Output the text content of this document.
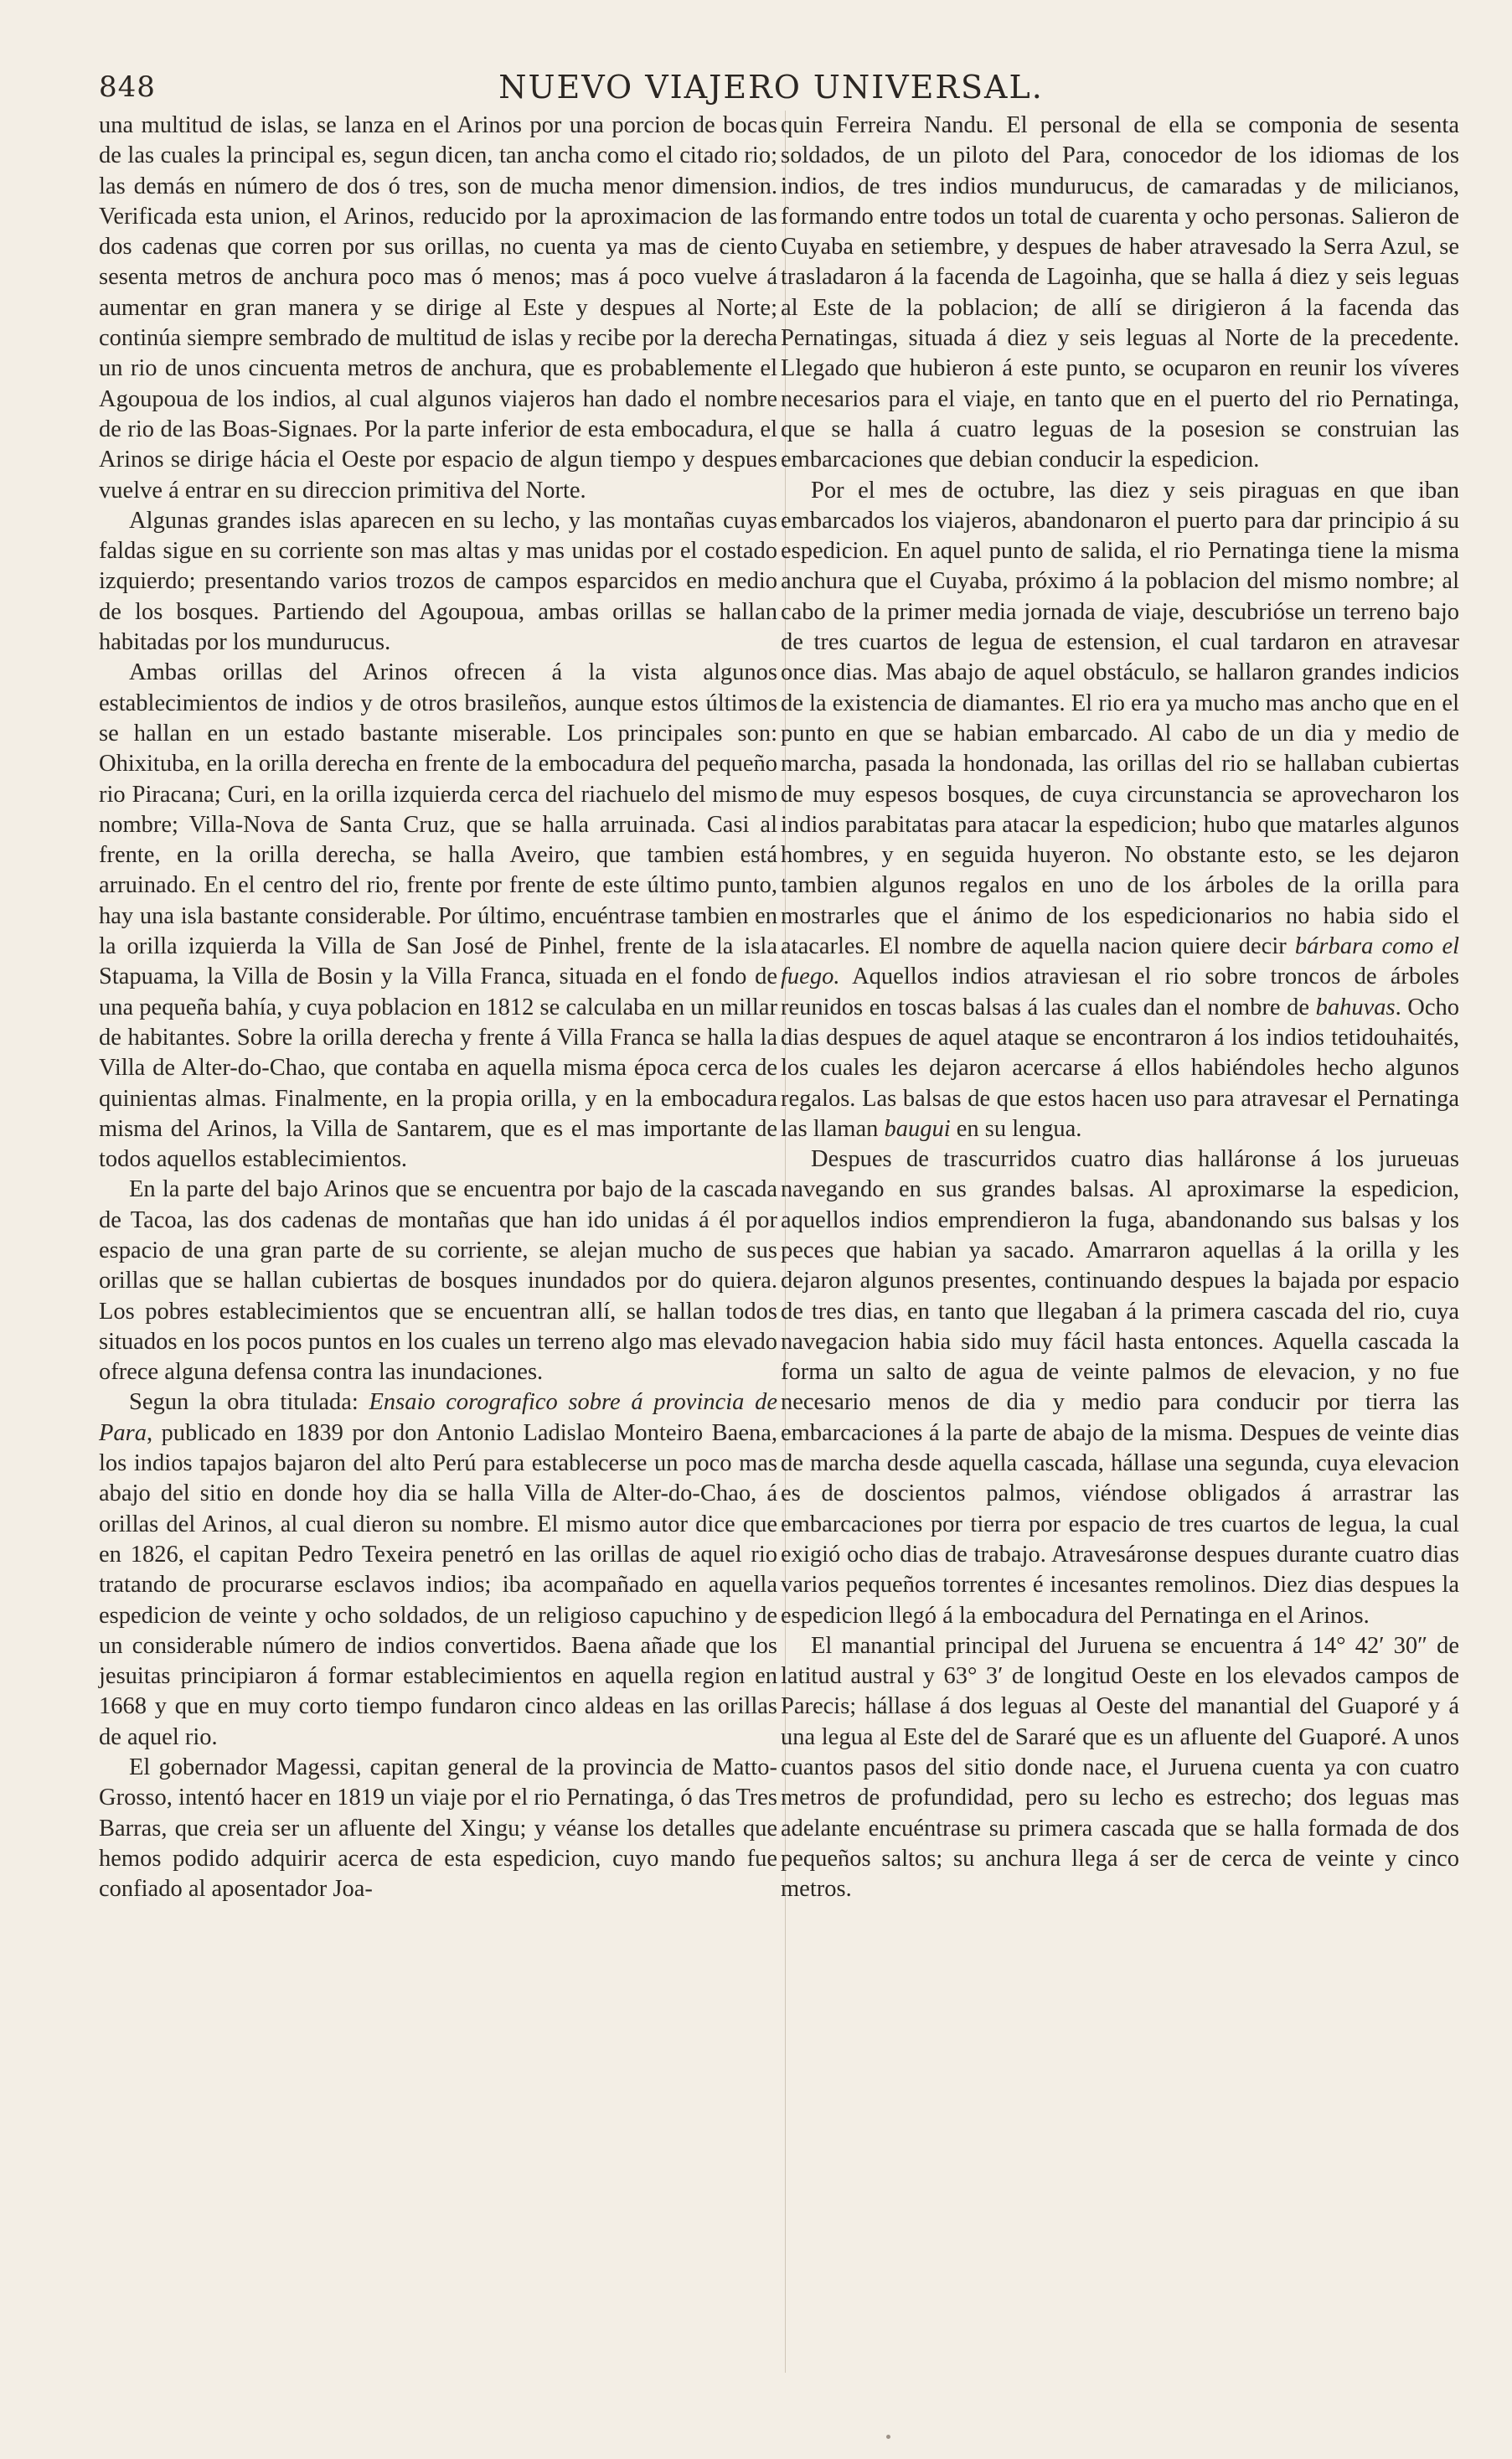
848	NUEVO VIAJERO UNIVERSAL.

una multitud de islas, se lanza en el Arinos por una porcion de bocas de las cuales la principal es, segun dicen, tan ancha como el citado rio; las demás en número de dos ó tres, son de mucha menor dimension. Verificada esta union, el Arinos, reducido por la aproximacion de las dos cadenas que corren por sus orillas, no cuenta ya mas de ciento sesenta metros de anchura poco mas ó menos; mas á poco vuelve á aumentar en gran manera y se dirige al Este y despues al Norte; continúa siempre sembrado de multitud de islas y recibe por la derecha un rio de unos cincuenta metros de anchura, que es probablemente el Agoupoua de los indios, al cual algunos viajeros han dado el nombre de rio de las Boas-Signaes. Por la parte inferior de esta embocadura, el Arinos se dirige hácia el Oeste por espacio de algun tiempo y despues vuelve á entrar en su direccion primitiva del Norte.

Algunas grandes islas aparecen en su lecho, y las montañas cuyas faldas sigue en su corriente son mas altas y mas unidas por el costado izquierdo; presentando varios trozos de campos esparcidos en medio de los bosques. Partiendo del Agoupoua, ambas orillas se hallan habitadas por los mundurucus.

Ambas orillas del Arinos ofrecen á la vista algunos establecimientos de indios y de otros brasileños, aunque estos últimos se hallan en un estado bastante miserable. Los principales son: Ohixituba, en la orilla derecha en frente de la embocadura del pequeño rio Piracana; Curi, en la orilla izquierda cerca del riachuelo del mismo nombre; Villa-Nova de Santa Cruz, que se halla arruinada. Casi al frente, en la orilla derecha, se halla Aveiro, que tambien está arruinado. En el centro del rio, frente por frente de este último punto, hay una isla bastante considerable. Por último, encuéntrase tambien en la orilla izquierda la Villa de San José de Pinhel, frente de la isla Stapuama, la Villa de Bosin y la Villa Franca, situada en el fondo de una pequeña bahía, y cuya poblacion en 1812 se calculaba en un millar de habitantes. Sobre la orilla derecha y frente á Villa Franca se halla la Villa de Alter-do-Chao, que contaba en aquella misma época cerca de quinientas almas. Finalmente, en la propia orilla, y en la embocadura misma del Arinos, la Villa de Santarem, que es el mas importante de todos aquellos establecimientos.

En la parte del bajo Arinos que se encuentra por bajo de la cascada de Tacoa, las dos cadenas de montañas que han ido unidas á él por espacio de una gran parte de su corriente, se alejan mucho de sus orillas que se hallan cubiertas de bosques inundados por do quiera. Los pobres establecimientos que se encuentran allí, se hallan todos situados en los pocos puntos en los cuales un terreno algo mas elevado ofrece alguna defensa contra las inundaciones.

Segun la obra titulada: Ensaio corografico sobre á provincia de Para, publicado en 1839 por don Antonio Ladislao Monteiro Baena, los indios tapajos bajaron del alto Perú para establecerse un poco mas abajo del sitio en donde hoy dia se halla Villa de Alter-do-Chao, á orillas del Arinos, al cual dieron su nombre. El mismo autor dice que en 1826, el capitan Pedro Texeira penetró en las orillas de aquel rio tratando de procurarse esclavos indios; iba acompañado en aquella espedicion de veinte y ocho soldados, de un religioso capuchino y de un considerable número de indios convertidos. Baena añade que los jesuitas principiaron á formar establecimientos en aquella region en 1668 y que en muy corto tiempo fundaron cinco aldeas en las orillas de aquel rio.

El gobernador Magessi, capitan general de la provincia de Matto-Grosso, intentó hacer en 1819 un viaje por el rio Pernatinga, ó das Tres Barras, que creia ser un afluente del Xingu; y véanse los detalles que hemos podido adquirir acerca de esta espedicion, cuyo mando fue confiado al aposentador Joa-

quin Ferreira Nandu. El personal de ella se componia de sesenta soldados, de un piloto del Para, conocedor de los idiomas de los indios, de tres indios mundurucus, de camaradas y de milicianos, formando entre todos un total de cuarenta y ocho personas. Salieron de Cuyaba en setiembre, y despues de haber atravesado la Serra Azul, se trasladaron á la facenda de Lagoinha, que se halla á diez y seis leguas al Este de la poblacion; de allí se dirigieron á la facenda das Pernatingas, situada á diez y seis leguas al Norte de la precedente. Llegado que hubieron á este punto, se ocuparon en reunir los víveres necesarios para el viaje, en tanto que en el puerto del rio Pernatinga, que se halla á cuatro leguas de la posesion se construian las embarcaciones que debian conducir la espedicion.

Por el mes de octubre, las diez y seis piraguas en que iban embarcados los viajeros, abandonaron el puerto para dar principio á su espedicion. En aquel punto de salida, el rio Pernatinga tiene la misma anchura que el Cuyaba, próximo á la poblacion del mismo nombre; al cabo de la primer media jornada de viaje, descubrióse un terreno bajo de tres cuartos de legua de estension, el cual tardaron en atravesar once dias. Mas abajo de aquel obstáculo, se hallaron grandes indicios de la existencia de diamantes. El rio era ya mucho mas ancho que en el punto en que se habian embarcado. Al cabo de un dia y medio de marcha, pasada la hondonada, las orillas del rio se hallaban cubiertas de muy espesos bosques, de cuya circunstancia se aprovecharon los indios parabitatas para atacar la espedicion; hubo que matarles algunos hombres, y en seguida huyeron. No obstante esto, se les dejaron tambien algunos regalos en uno de los árboles de la orilla para mostrarles que el ánimo de los espedicionarios no habia sido el atacarles. El nombre de aquella nacion quiere decir bárbara como el fuego. Aquellos indios atraviesan el rio sobre troncos de árboles reunidos en toscas balsas á las cuales dan el nombre de bahuvas. Ocho dias despues de aquel ataque se encontraron á los indios tetidouhaités, los cuales les dejaron acercarse á ellos habiéndoles hecho algunos regalos. Las balsas de que estos hacen uso para atravesar el Pernatinga las llaman baugui en su lengua.

Despues de trascurridos cuatro dias halláronse á los jurueuas navegando en sus grandes balsas. Al aproximarse la espedicion, aquellos indios emprendieron la fuga, abandonando sus balsas y los peces que habian ya sacado. Amarraron aquellas á la orilla y les dejaron algunos presentes, continuando despues la bajada por espacio de tres dias, en tanto que llegaban á la primera cascada del rio, cuya navegacion habia sido muy fácil hasta entonces. Aquella cascada la forma un salto de agua de veinte palmos de elevacion, y no fue necesario menos de dia y medio para conducir por tierra las embarcaciones á la parte de abajo de la misma. Despues de veinte dias de marcha desde aquella cascada, hállase una segunda, cuya elevacion es de doscientos palmos, viéndose obligados á arrastrar las embarcaciones por tierra por espacio de tres cuartos de legua, la cual exigió ocho dias de trabajo. Atravesáronse despues durante cuatro dias varios pequeños torrentes é incesantes remolinos. Diez dias despues la espedicion llegó á la embocadura del Pernatinga en el Arinos.

El manantial principal del Juruena se encuentra á 14° 42′ 30″ de latitud austral y 63° 3′ de longitud Oeste en los elevados campos de Parecis; hállase á dos leguas al Oeste del manantial del Guaporé y á una legua al Este del de Sararé que es un afluente del Guaporé. A unos cuantos pasos del sitio donde nace, el Juruena cuenta ya con cuatro metros de profundidad, pero su lecho es estrecho; dos leguas mas adelante encuéntrase su primera cascada que se halla formada de dos pequeños saltos; su anchura llega á ser de cerca de veinte y cinco metros.
